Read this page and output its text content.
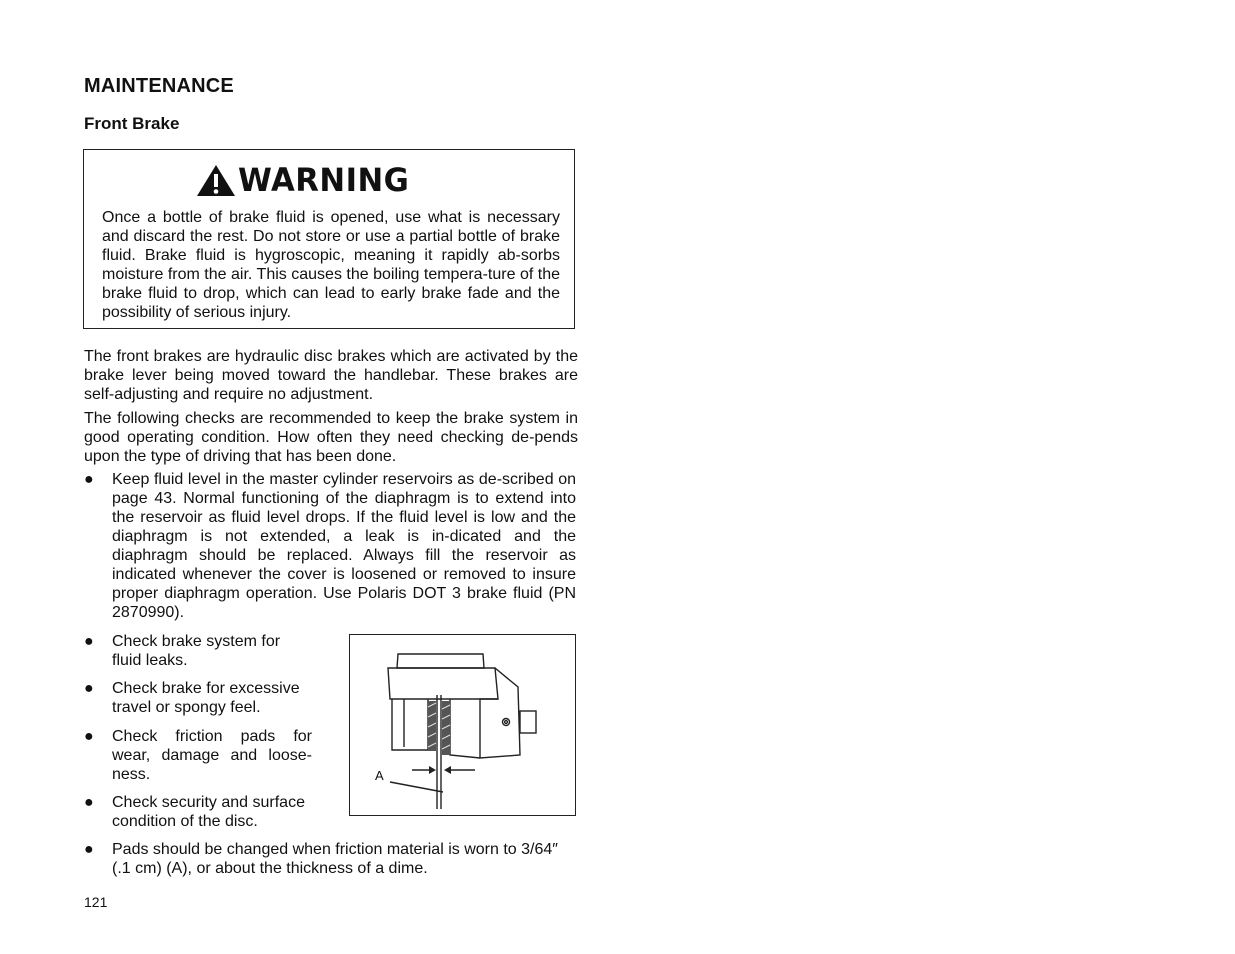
MAINTENANCE
Front Brake
WARNING

Once a bottle of brake fluid is opened, use what is necessary and discard the rest. Do not store or use a partial bottle of brake fluid. Brake fluid is hygroscopic, meaning it rapidly ab-sorbs moisture from the air. This causes the boiling tempera-ture of the brake fluid to drop, which can lead to early brake fade and the possibility of serious injury.

The front brakes are hydraulic disc brakes which are activated by the brake lever being moved toward the handlebar. These brakes are self-adjusting and require no adjustment.

The following checks are recommended to keep the brake system in good operating condition. How often they need checking de-pends upon the type of driving that has been done.

●	Keep fluid level in the master cylinder reservoirs as de-scribed on page 43. Normal functioning of the diaphragm is to extend into the reservoir as fluid level drops. If the fluid level is low and the diaphragm is not extended, a leak is in-dicated and the diaphragm should be replaced. Always fill the reservoir as indicated whenever the cover is loosened or removed to insure proper diaphragm operation. Use Polaris DOT 3 brake fluid (PN 2870990).
●	Check brake system for fluid leaks.
●	Check brake for excessive travel or spongy feel.
●	Check friction pads for wear, damage and loose-ness.
●	Check security and surface condition of the disc.
●	Pads should be changed when friction material is worn to 3/64″ (.1 cm) (A), or about the thickness of a dime.
A
121
